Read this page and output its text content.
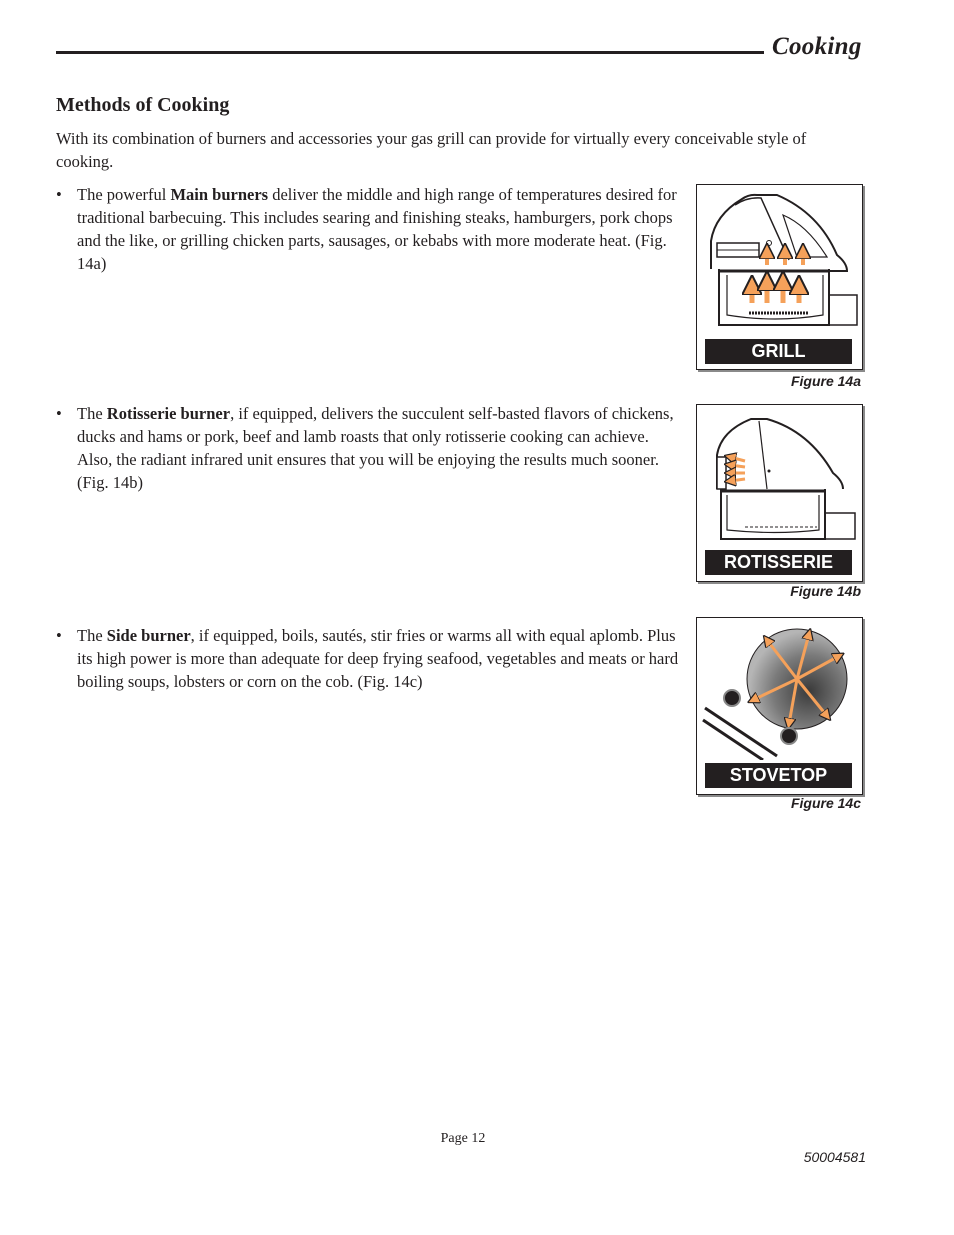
Cooking
Methods of Cooking

With its combination of burners and accessories your gas grill can provide for virtually every conceivable style of cooking.

• The powerful Main burners deliver the middle and high range of temperatures desired for traditional barbecuing. This includes searing and finishing steaks, hamburgers, pork chops and the like, or grilling chicken parts, sausages, or kebabs with more moderate heat. (Fig. 14a)
• The Rotisserie burner, if equipped, delivers the succulent self-basted flavors of chickens, ducks and hams or pork, beef and lamb roasts that only rotisserie cooking can achieve. Also, the radiant infrared unit ensures that you will be enjoying the results much sooner. (Fig. 14b)
• The Side burner, if equipped, boils, sautés, stir fries or warms all with equal aplomb. Plus its high power is more than adequate for deep frying seafood, vegetables and meats or hard boiling soups, lobsters or corn on the cob. (Fig. 14c)
GRILL
Figure 14a
ROTISSERIE
Figure 14b
STOVETOP
Figure 14c
Page 12
50004581
